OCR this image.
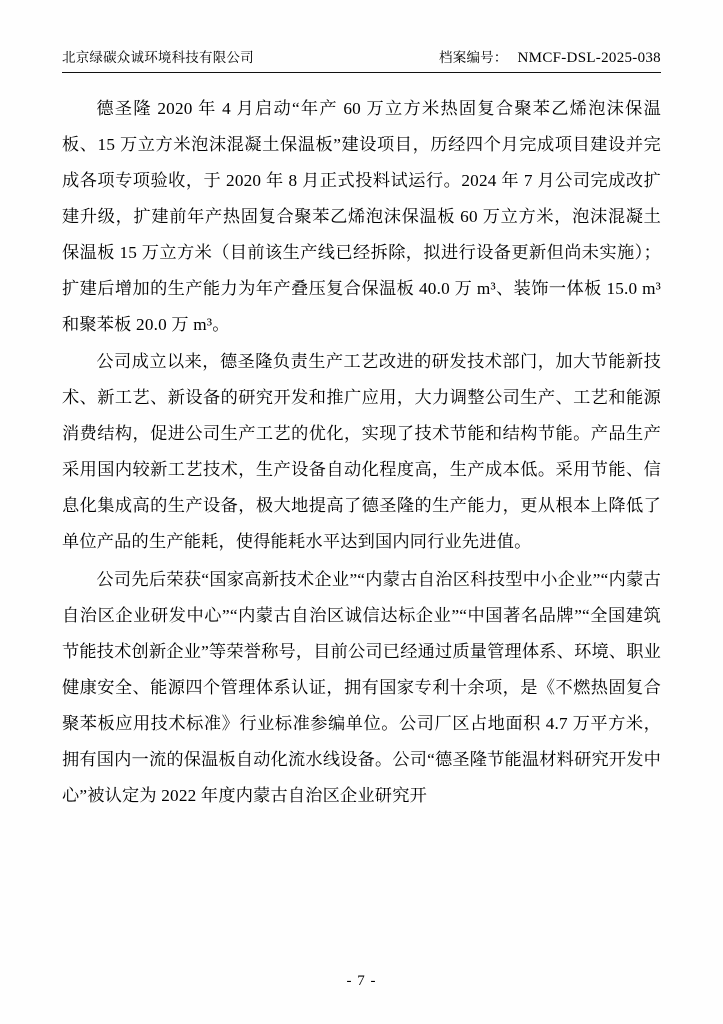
北京绿碳众诚环境科技有限公司	档案编号： NMCF-DSL-2025-038

德圣隆 2020 年 4 月启动“年产 60 万立方米热固复合聚苯乙烯泡沫保温板、15 万立方米泡沫混凝土保温板”建设项目，历经四个月完成项目建设并完成各项专项验收，于 2020 年 8 月正式投料试运行。2024 年 7 月公司完成改扩建升级，扩建前年产热固复合聚苯乙烯泡沫保温板 60 万立方米，泡沫混凝土保温板 15 万立方米（目前该生产线已经拆除，拟进行设备更新但尚未实施）；扩建后增加的生产能力为年产叠压复合保温板 40.0 万 m³、装饰一体板 15.0 m³ 和聚苯板 20.0 万 m³。

公司成立以来，德圣隆负责生产工艺改进的研发技术部门，加大节能新技术、新工艺、新设备的研究开发和推广应用，大力调整公司生产、工艺和能源消费结构，促进公司生产工艺的优化，实现了技术节能和结构节能。产品生产采用国内较新工艺技术，生产设备自动化程度高，生产成本低。采用节能、信息化集成高的生产设备，极大地提高了德圣隆的生产能力，更从根本上降低了单位产品的生产能耗，使得能耗水平达到国内同行业先进值。

公司先后荣获“国家高新技术企业”“内蒙古自治区科技型中小企业”“内蒙古自治区企业研发中心”“内蒙古自治区诚信达标企业”“中国著名品牌”“全国建筑节能技术创新企业”等荣誉称号，目前公司已经通过质量管理体系、环境、职业健康安全、能源四个管理体系认证，拥有国家专利十余项，是《不燃热固复合聚苯板应用技术标准》行业标准参编单位。公司厂区占地面积 4.7 万平方米，拥有国内一流的保温板自动化流水线设备。公司“德圣隆节能温材料研究开发中心”被认定为 2022 年度内蒙古自治区企业研究开

- 7 -
